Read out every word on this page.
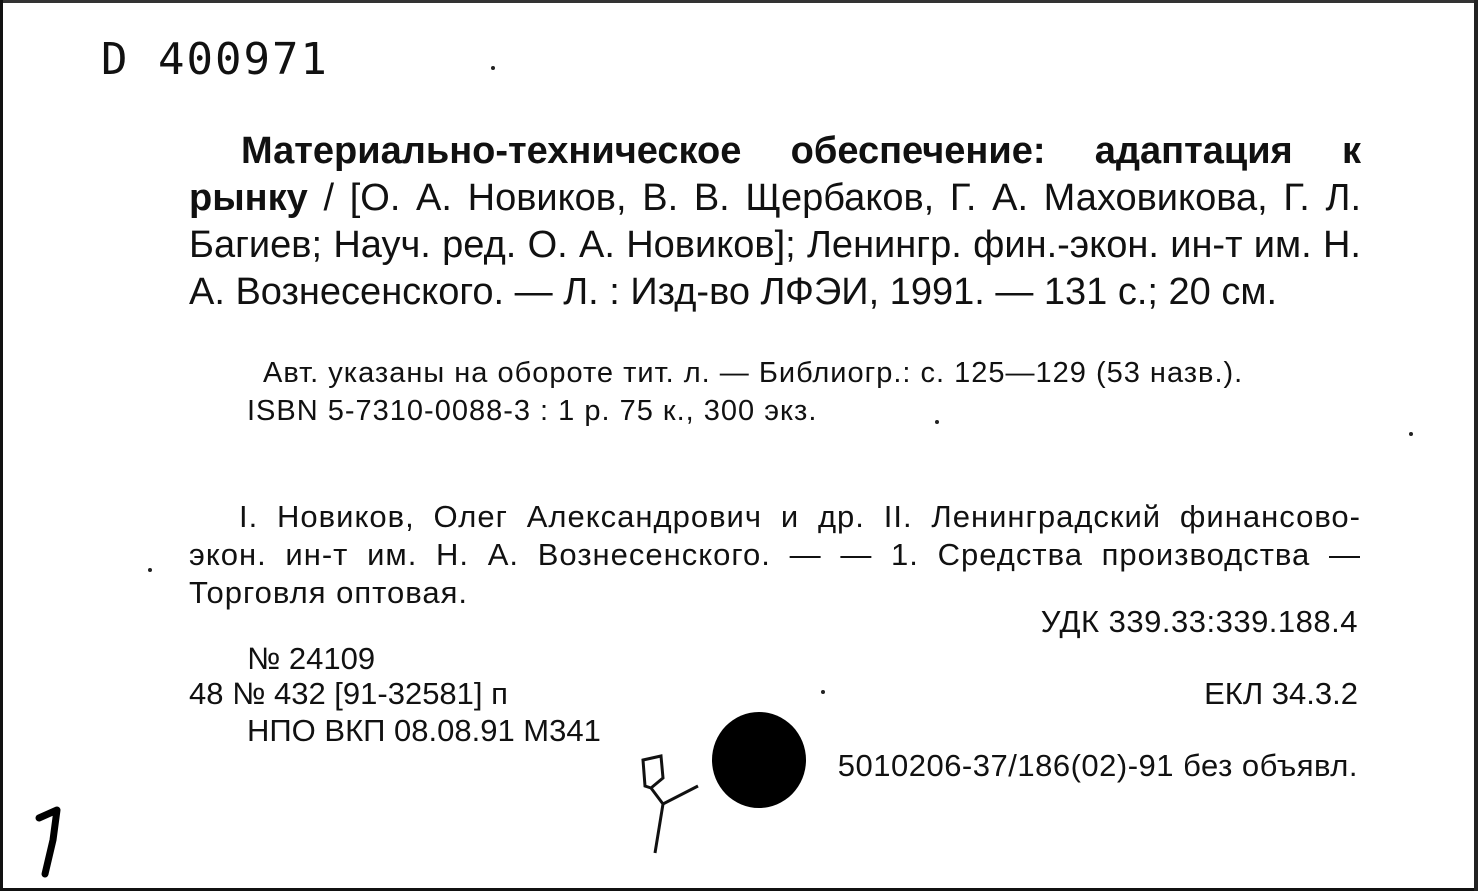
D 400971
Материально-техническое обеспечение: адаптация к рынку / [О. А. Новиков, В. В. Щербаков, Г. А. Маховикова, Г. Л. Багиев; Науч. ред. О. А. Новиков]; Ленингр. фин.-экон. ин-т им. Н. А. Вознесенского. — Л. : Изд-во ЛФЭИ, 1991. — 131 с.; 20 см.
Авт. указаны на обороте тит. л. — Библиогр.: с. 125—129 (53 назв.).
ISBN 5-7310-0088-3 : 1 р. 75 к., 300 экз.
I. Новиков, Олег Александрович и др. II. Ленинградский финансово-экон. ин-т им. Н. А. Вознесенского. — — 1. Средства производства — Торговля оптовая.
УДК 339.33:339.188.4
№ 24109
48 № 432 [91-32581] п	ЕКЛ 34.3.2
НПО ВКП 08.08.91 М341
5010206-37/186(02)-91 без объявл.
